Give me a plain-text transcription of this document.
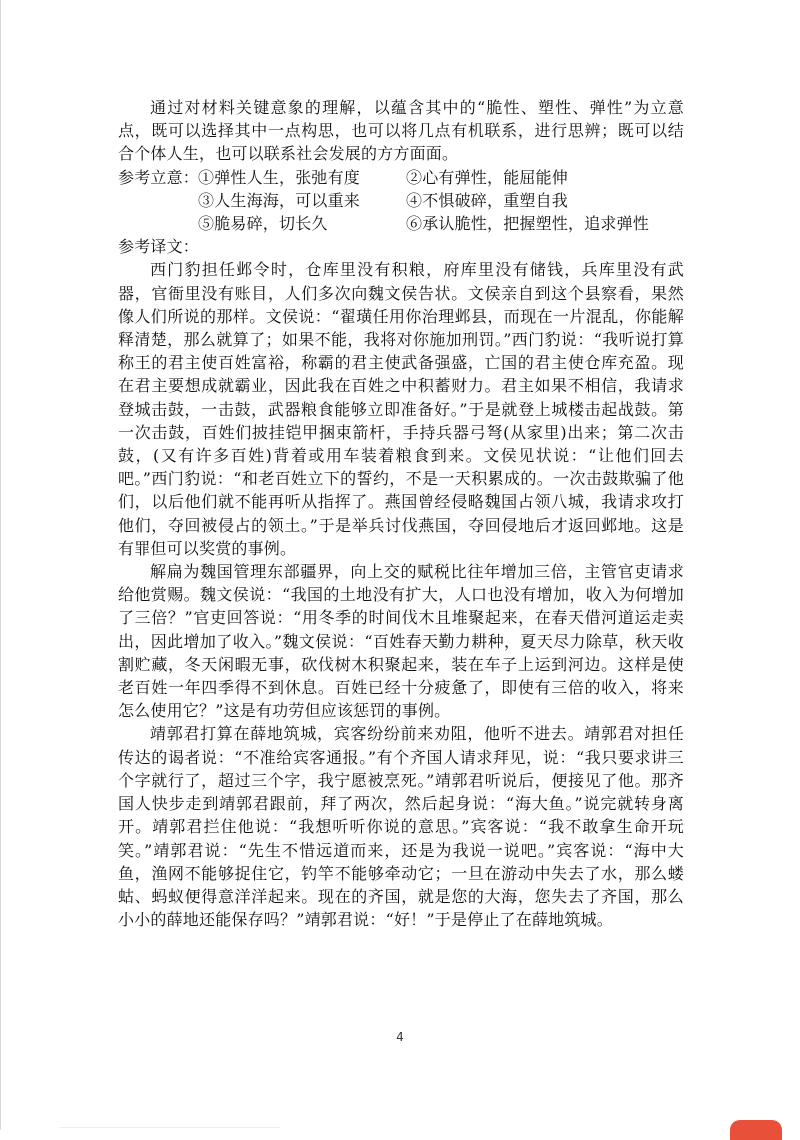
通过对材料关键意象的理解，以蕴含其中的“脆性、塑性、弹性”为立意点，既可以选择其中一点构思，也可以将几点有机联系，进行思辨；既可以结合个体人生，也可以联系社会发展的方方面面。

参考立意：
①弹性人生，张弛有度	②心有弹性，能屈能伸
③人生海海，可以重来	④不惧破碎，重塑自我
⑤脆易碎，切长久	⑥承认脆性，把握塑性，追求弹性

参考译文：

西门豹担任邺令时，仓库里没有积粮，府库里没有储钱，兵库里没有武器，官衙里没有账目，人们多次向魏文侯告状。文侯亲自到这个县察看，果然像人们所说的那样。文侯说：“翟璜任用你治理邺县，而现在一片混乱，你能解释清楚，那么就算了；如果不能，我将对你施加刑罚。”西门豹说：“我听说打算称王的君主使百姓富裕，称霸的君主使武备强盛，亡国的君主使仓库充盈。现在君主要想成就霸业，因此我在百姓之中积蓄财力。君主如果不相信，我请求登城击鼓，一击鼓，武器粮食能够立即准备好。”于是就登上城楼击起战鼓。第一次击鼓，百姓们披挂铠甲捆束箭杆，手持兵器弓弩(从家里)出来；第二次击鼓，(又有许多百姓)背着或用车装着粮食到来。文侯见状说：“让他们回去吧。”西门豹说：“和老百姓立下的誓约，不是一天积累成的。一次击鼓欺骗了他们，以后他们就不能再听从指挥了。燕国曾经侵略魏国占领八城，我请求攻打他们，夺回被侵占的领土。”于是举兵讨伐燕国，夺回侵地后才返回邺地。这是有罪但可以奖赏的事例。

解扁为魏国管理东部疆界，向上交的赋税比往年增加三倍，主管官吏请求给他赏赐。魏文侯说：“我国的土地没有扩大，人口也没有增加，收入为何增加了三倍？”官吏回答说：“用冬季的时间伐木且堆聚起来，在春天借河道运走卖出，因此增加了收入。”魏文侯说：“百姓春天勤力耕种，夏天尽力除草，秋天收割贮藏，冬天闲暇无事，砍伐树木积聚起来，装在车子上运到河边。这样是使老百姓一年四季得不到休息。百姓已经十分疲惫了，即使有三倍的收入，将来怎么使用它？”这是有功劳但应该惩罚的事例。

靖郭君打算在薛地筑城，宾客纷纷前来劝阻，他听不进去。靖郭君对担任传达的谒者说：“不准给宾客通报。”有个齐国人请求拜见，说：“我只要求讲三个字就行了，超过三个字，我宁愿被烹死。”靖郭君听说后，便接见了他。那齐国人快步走到靖郭君跟前，拜了两次，然后起身说：“海大鱼。”说完就转身离开。靖郭君拦住他说：“我想听听你说的意思。”宾客说：“我不敢拿生命开玩笑。”靖郭君说：“先生不惜远道而来，还是为我说一说吧。”宾客说：“海中大鱼，渔网不能够捉住它，钓竿不能够牵动它；一旦在游动中失去了水，那么蝼蛄、蚂蚁便得意洋洋起来。现在的齐国，就是您的大海，您失去了齐国，那么小小的薛地还能保存吗？”靖郭君说：“好！”于是停止了在薛地筑城。

4
